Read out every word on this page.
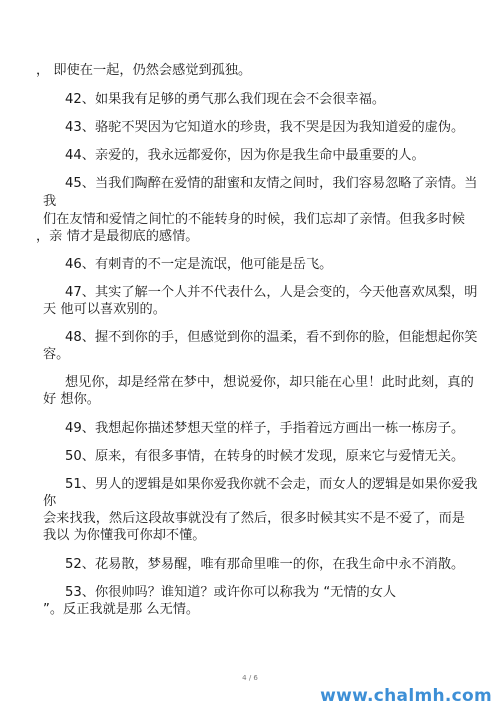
， 即使在一起，仍然会感觉到孤独。
42、如果我有足够的勇气那么我们现在会不会很幸福。
43、骆驼不哭因为它知道水的珍贵，我不哭是因为我知道爱的虚伪。
44、亲爱的，我永远都爱你，因为你是我生命中最重要的人。
45、当我们陶醉在爱情的甜蜜和友情之间时，我们容易忽略了亲情。当
我
们在友情和爱情之间忙的不能转身的时候，我们忘却了亲情。但我多时候
，亲 情才是最彻底的感情。
46、有刺青的不一定是流氓，他可能是岳飞。
47、其实了解一个人并不代表什么，人是会变的，今天他喜欢凤梨，明
天 他可以喜欢别的。
48、握不到你的手，但感觉到你的温柔，看不到你的脸，但能想起你笑
容。
想见你，却是经常在梦中，想说爱你，却只能在心里！此时此刻，真的
好 想你。
49、我想起你描述梦想天堂的样子，手指着远方画出一栋一栋房子。
50、原来，有很多事情，在转身的时候才发现，原来它与爱情无关。
51、男人的逻辑是如果你爱我你就不会走，而女人的逻辑是如果你爱我
你
会来找我，然后这段故事就没有了然后，很多时候其实不是不爱了，而是
我以 为你懂我可你却不懂。
52、花易散，梦易醒，唯有那命里唯一的你，在我生命中永不消散。
53、你很帅吗？谁知道？或许你可以称我为 “无情的女人
”。反正我就是那 么无情。
4 / 6
www.chalmh.com
